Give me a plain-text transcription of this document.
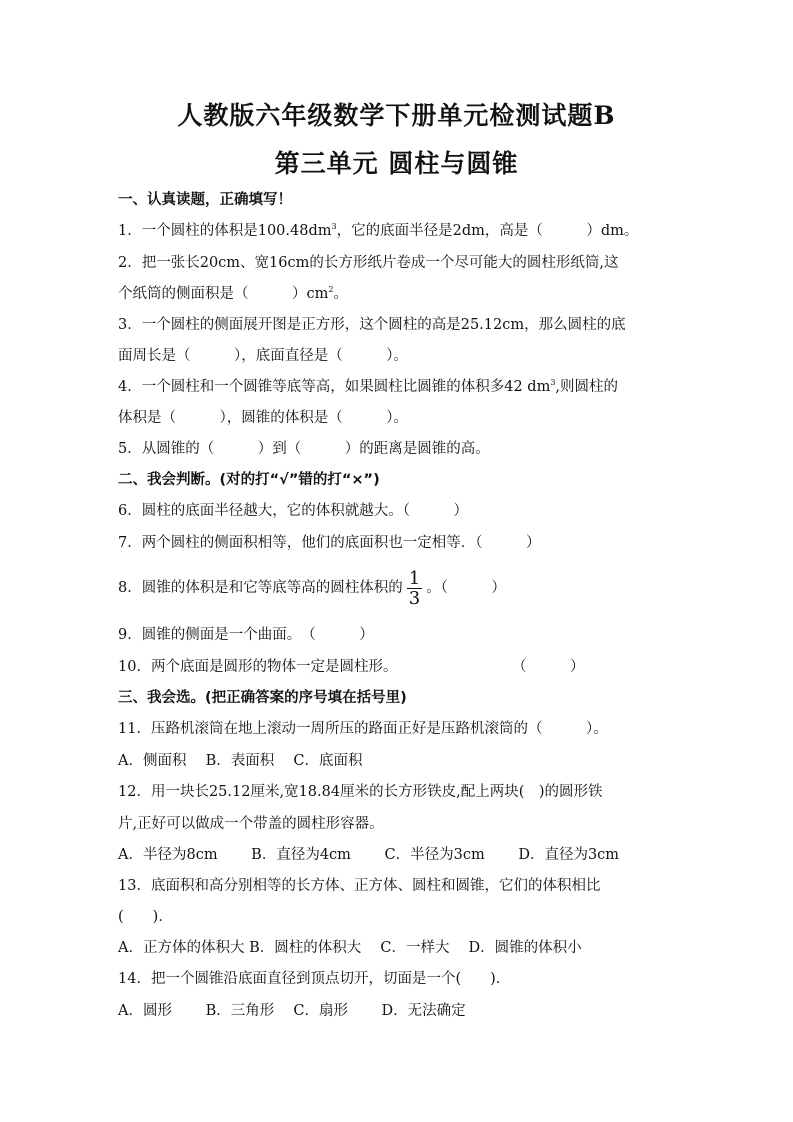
人教版六年级数学下册单元检测试题B
第三单元 圆柱与圆锥
一、认真读题，正确填写！
1．一个圆柱的体积是$100.48dm^3$，它的底面半径是2dm，高是（　　　）dm。
2．把一张长20cm、宽16cm的长方形纸片卷成一个尽可能大的圆柱形纸筒,这
个纸筒的侧面积是（　　　）$cm^2$。
3．一个圆柱的侧面展开图是正方形，这个圆柱的高是25.12cm，那么圆柱的底
面周长是（　　　），底面直径是（　　　）。
4．一个圆柱和一个圆锥等底等高，如果圆柱比圆锥的体积多42 $dm^3$,则圆柱的
体积是（　　　），圆锥的体积是（　　　）。
5．从圆锥的（　　　）到（　　　）的距离是圆锥的高。
二、我会判断。(对的打“√”错的打“×”)
6．圆柱的底面半径越大，它的体积就越大。（　　　）
7．两个圆柱的侧面积相等，他们的底面积也一定相等．（　　　）
8．圆锥的体积是和它等底等高的圆柱体积的 $\frac{1}{3}$ 。（　　　）
9．圆锥的侧面是一个曲面。　（　　　）
10．两个底面是圆形的物体一定是圆柱形。	（　　　）
三、我会选。(把正确答案的序号填在括号里)
11．压路机滚筒在地上滚动一周所压的路面正好是压路机滚筒的（　　　）。
A．侧面积　 B．表面积　 C．底面积
12．用一块长25.12厘米,宽18.84厘米的长方形铁皮,配上两块(　)的圆形铁
片,正好可以做成一个带盖的圆柱形容器。
A．半径为8cm　　 B．直径为4cm　　 C．半径为3cm　　 D．直径为3cm
13．底面积和高分别相等的长方体、正方体、圆柱和圆锥，它们的体积相比
(　　)．
A．正方体的体积大 B．圆柱的体积大　 C．一样大　 D．圆锥的体积小
14．把一个圆锥沿底面直径到顶点切开，切面是一个(　　)．
A．圆形　　 B．三角形　 C．扇形　　 D．无法确定
